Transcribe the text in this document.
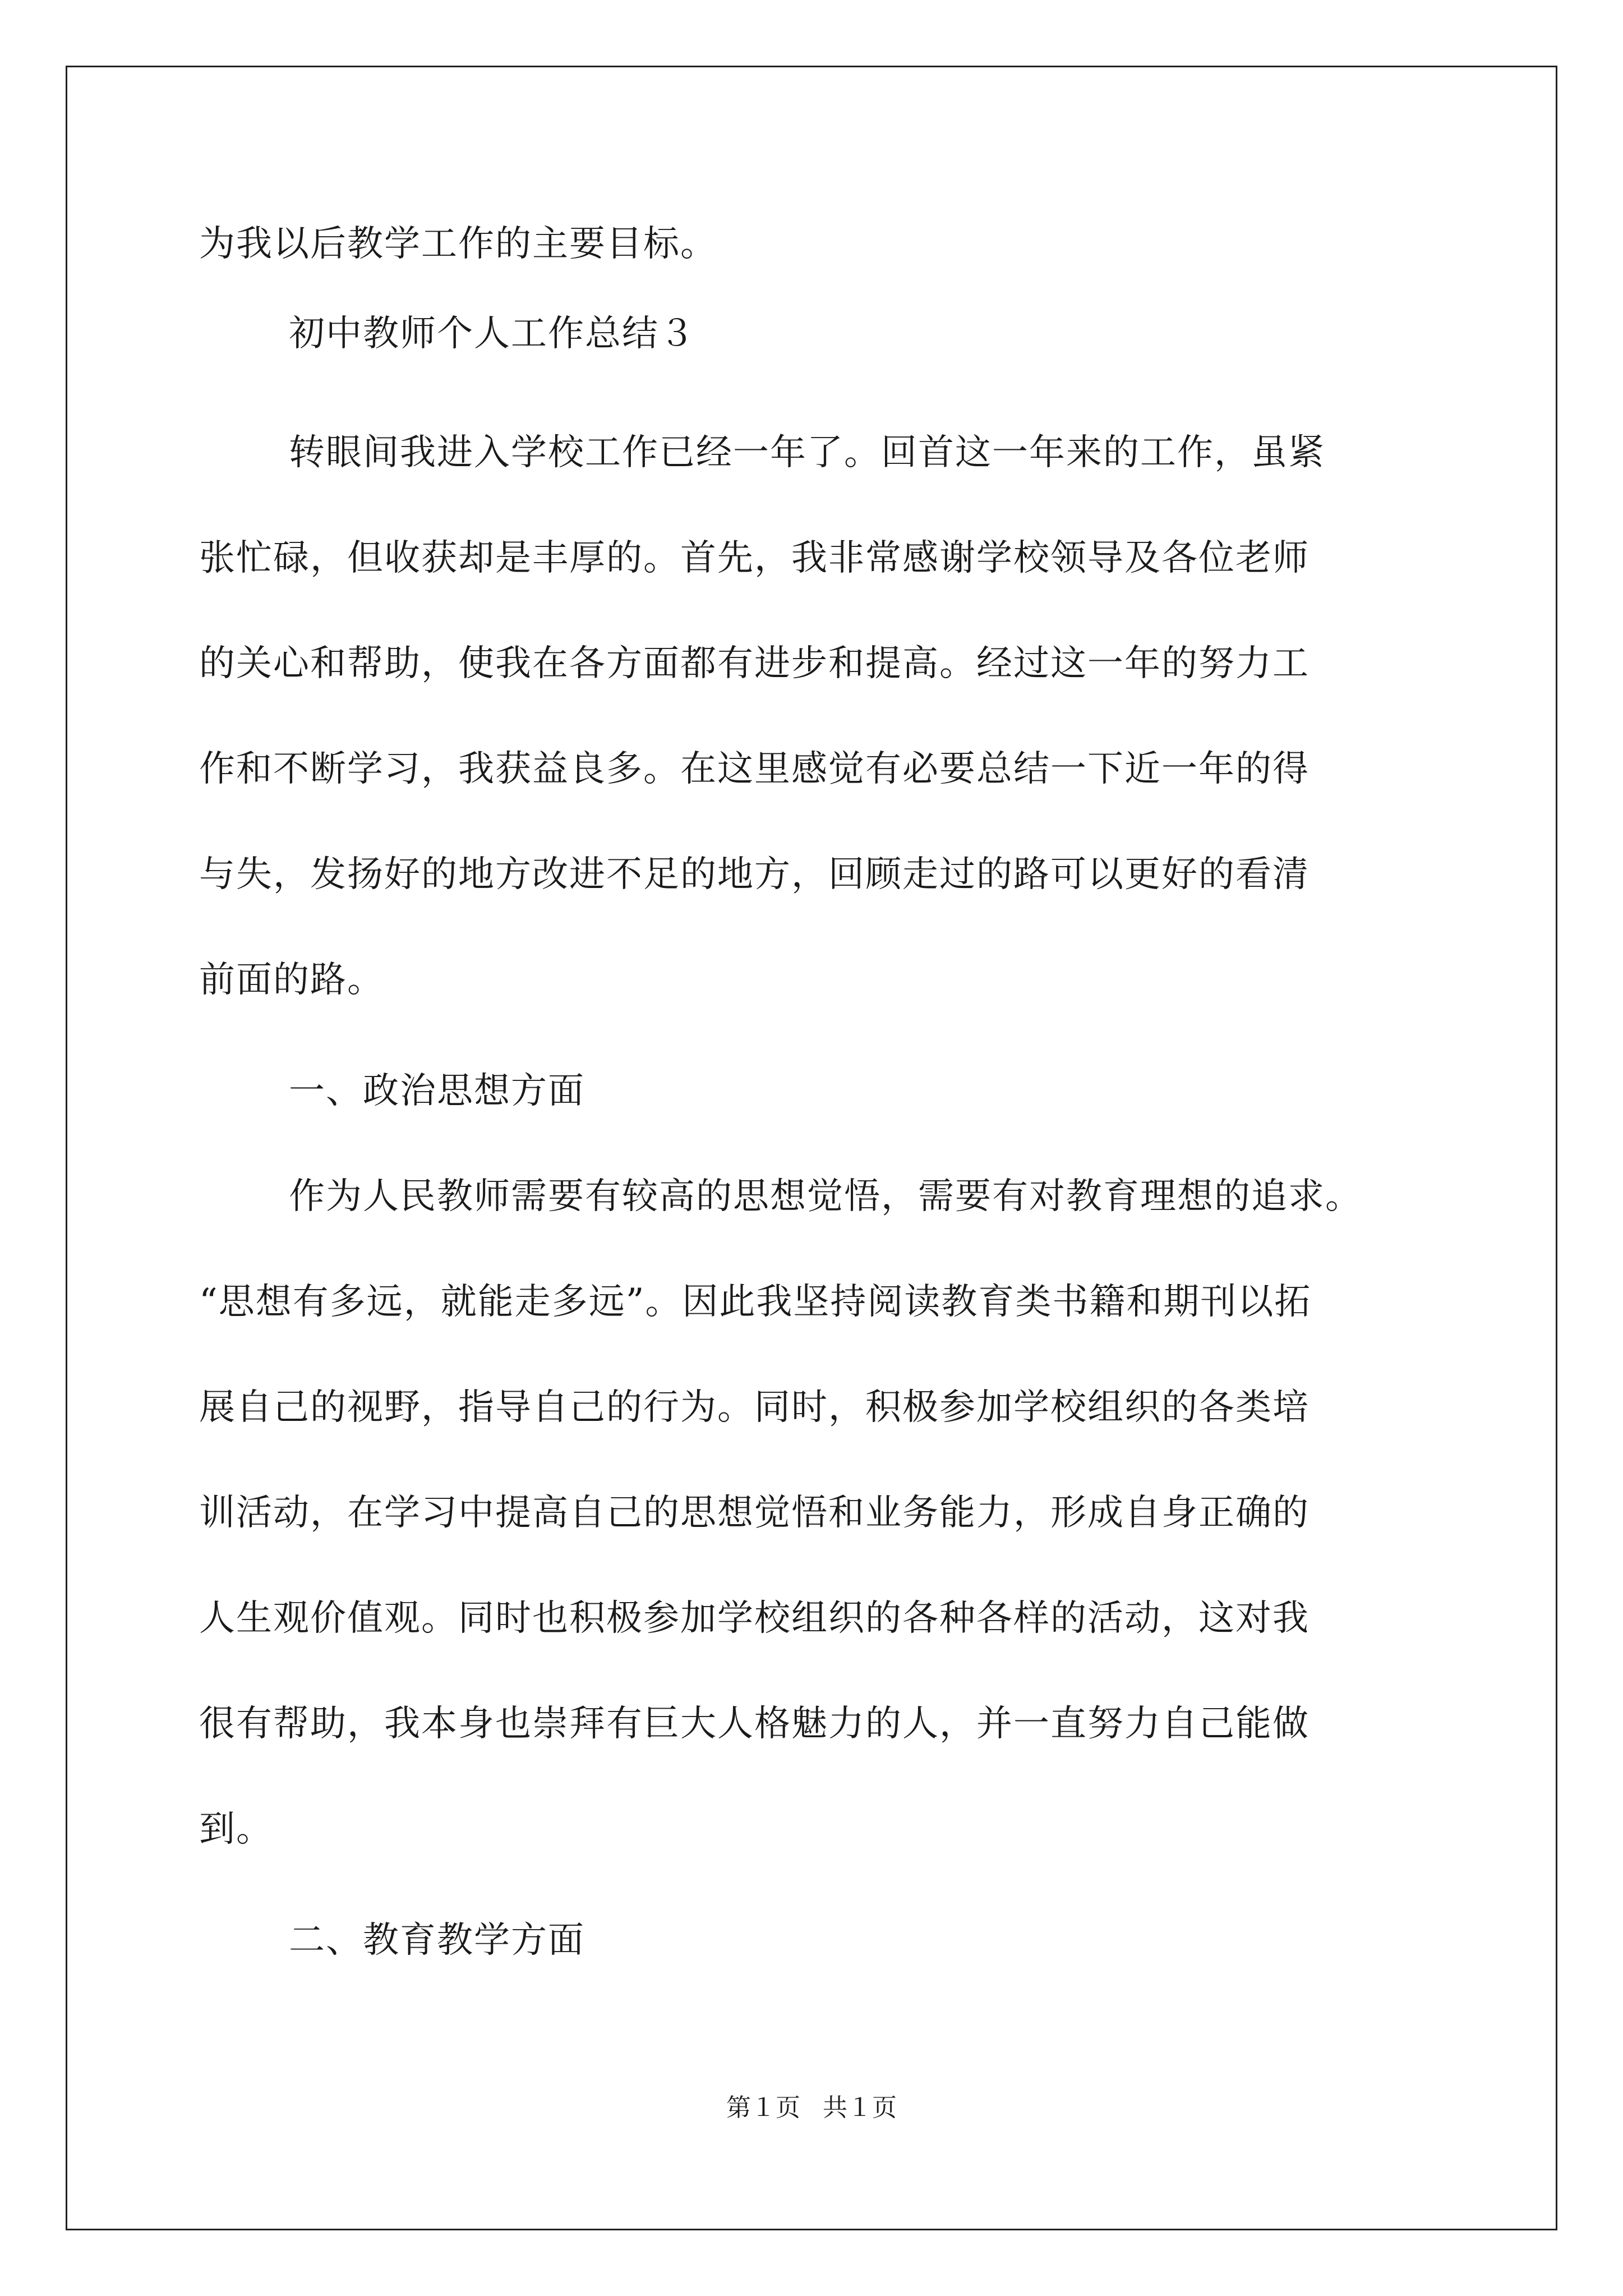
为我以后教学工作的主要目标。
初中教师个人工作总结３
转眼间我进入学校工作已经一年了。回首这一年来的工作，虽紧
张忙碌，但收获却是丰厚的。首先，我非常感谢学校领导及各位老师
的关心和帮助，使我在各方面都有进步和提高。经过这一年的努力工
作和不断学习，我获益良多。在这里感觉有必要总结一下近一年的得
与失，发扬好的地方改进不足的地方，回顾走过的路可以更好的看清
前面的路。
一、政治思想方面
作为人民教师需要有较高的思想觉悟，需要有对教育理想的追求。
“思想有多远，就能走多远”。因此我坚持阅读教育类书籍和期刊以拓
展自己的视野，指导自己的行为。同时，积极参加学校组织的各类培
训活动，在学习中提高自己的思想觉悟和业务能力，形成自身正确的
人生观价值观。同时也积极参加学校组织的各种各样的活动，这对我
很有帮助，我本身也崇拜有巨大人格魅力的人，并一直努力自己能做
到。
二、教育教学方面
第１页 共１页
